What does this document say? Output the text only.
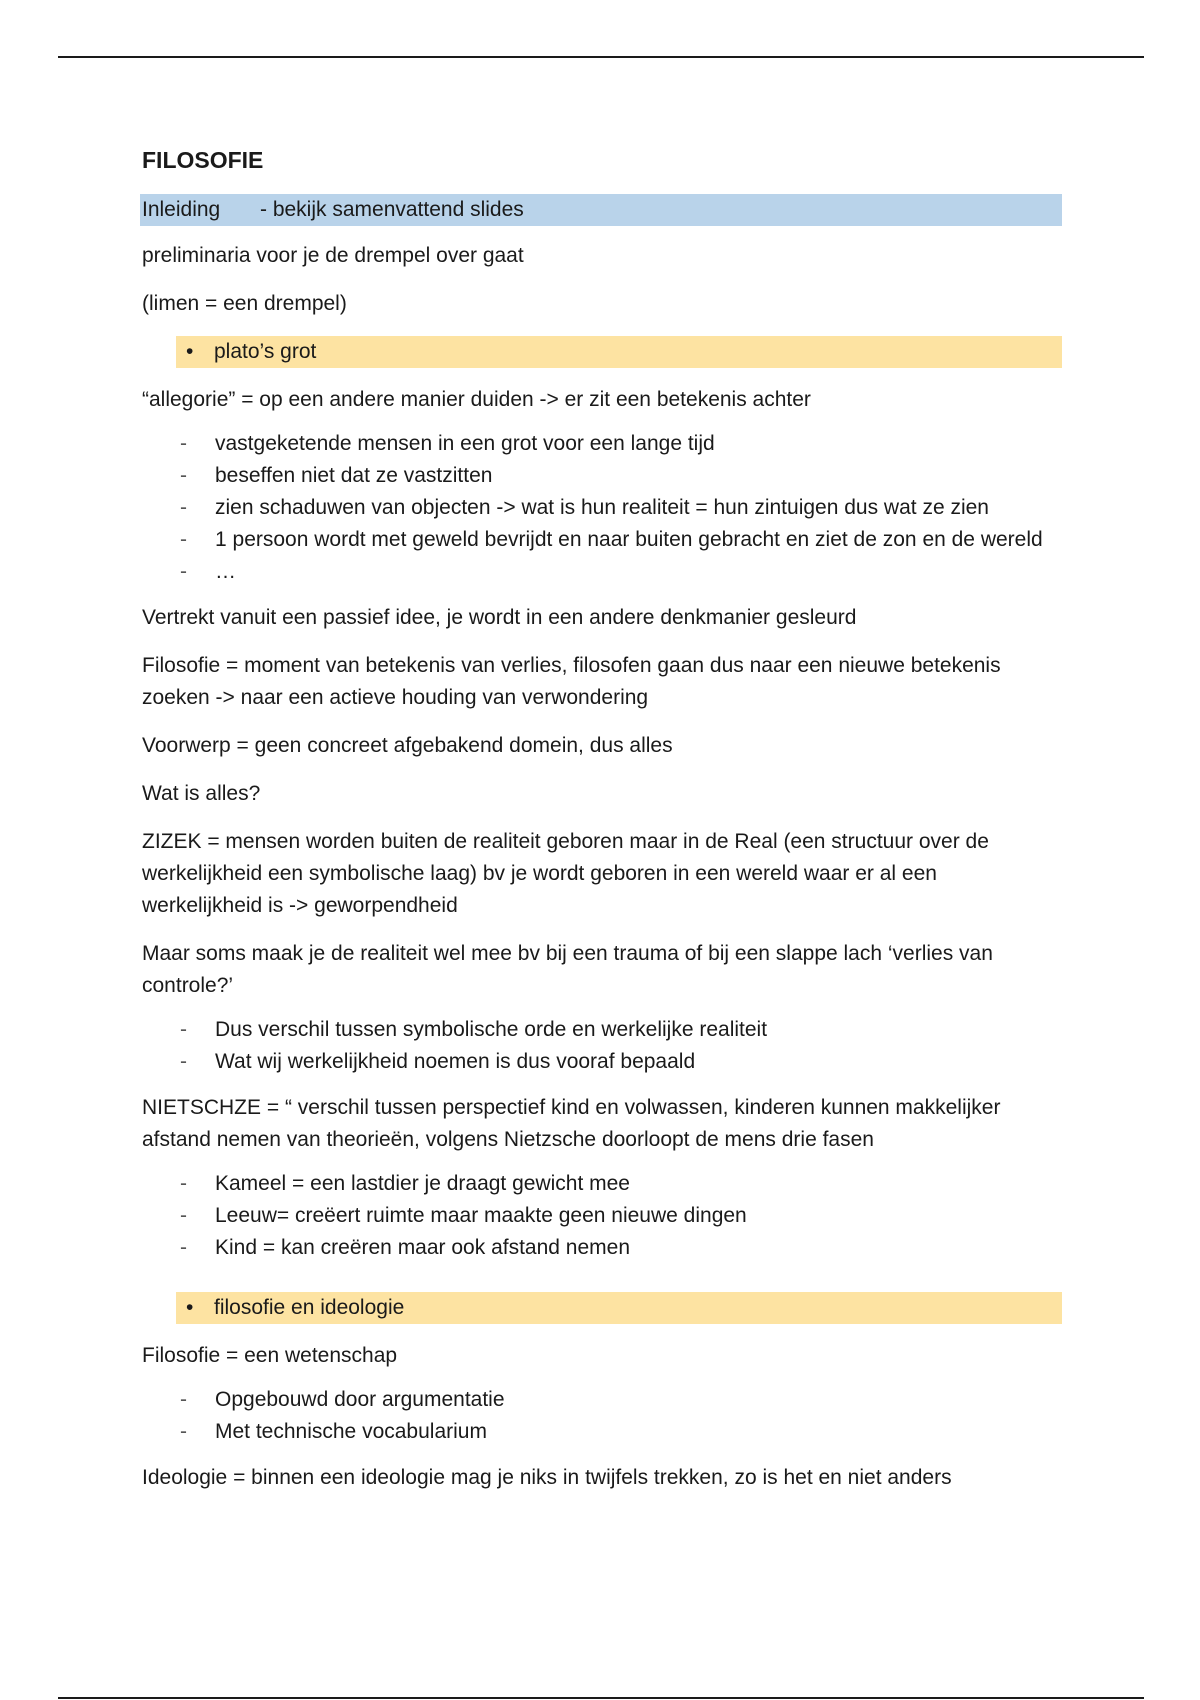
FILOSOFIE
Inleiding - bekijk samenvattend slides

preliminaria voor je de drempel over gaat

(limen = een drempel)

• plato’s grot

“allegorie” = op een andere manier duiden -> er zit een betekenis achter

- vastgeketende mensen in een grot voor een lange tijd
- beseffen niet dat ze vastzitten
- zien schaduwen van objecten -> wat is hun realiteit = hun zintuigen dus wat ze zien
- 1 persoon wordt met geweld bevrijdt en naar buiten gebracht en ziet de zon en de wereld
- …

Vertrekt vanuit een passief idee, je wordt in een andere denkmanier gesleurd

Filosofie = moment van betekenis van verlies, filosofen gaan dus naar een nieuwe betekenis zoeken -> naar een actieve houding van verwondering

Voorwerp = geen concreet afgebakend domein, dus alles

Wat is alles?

ZIZEK = mensen worden buiten de realiteit geboren maar in de Real (een structuur over de werkelijkheid een symbolische laag) bv je wordt geboren in een wereld waar er al een werkelijkheid is -> geworpendheid

Maar soms maak je de realiteit wel mee bv bij een trauma of bij een slappe lach ‘verlies van controle?’

- Dus verschil tussen symbolische orde en werkelijke realiteit
- Wat wij werkelijkheid noemen is dus vooraf bepaald

NIETSCHZE = “ verschil tussen perspectief kind en volwassen, kinderen kunnen makkelijker afstand nemen van theorieën, volgens Nietzsche doorloopt de mens drie fasen

- Kameel = een lastdier je draagt gewicht mee
- Leeuw= creëert ruimte maar maakte geen nieuwe dingen
- Kind = kan creëren maar ook afstand nemen
• filosofie en ideologie

Filosofie = een wetenschap

- Opgebouwd door argumentatie
- Met technische vocabularium

Ideologie = binnen een ideologie mag je niks in twijfels trekken, zo is het en niet anders
